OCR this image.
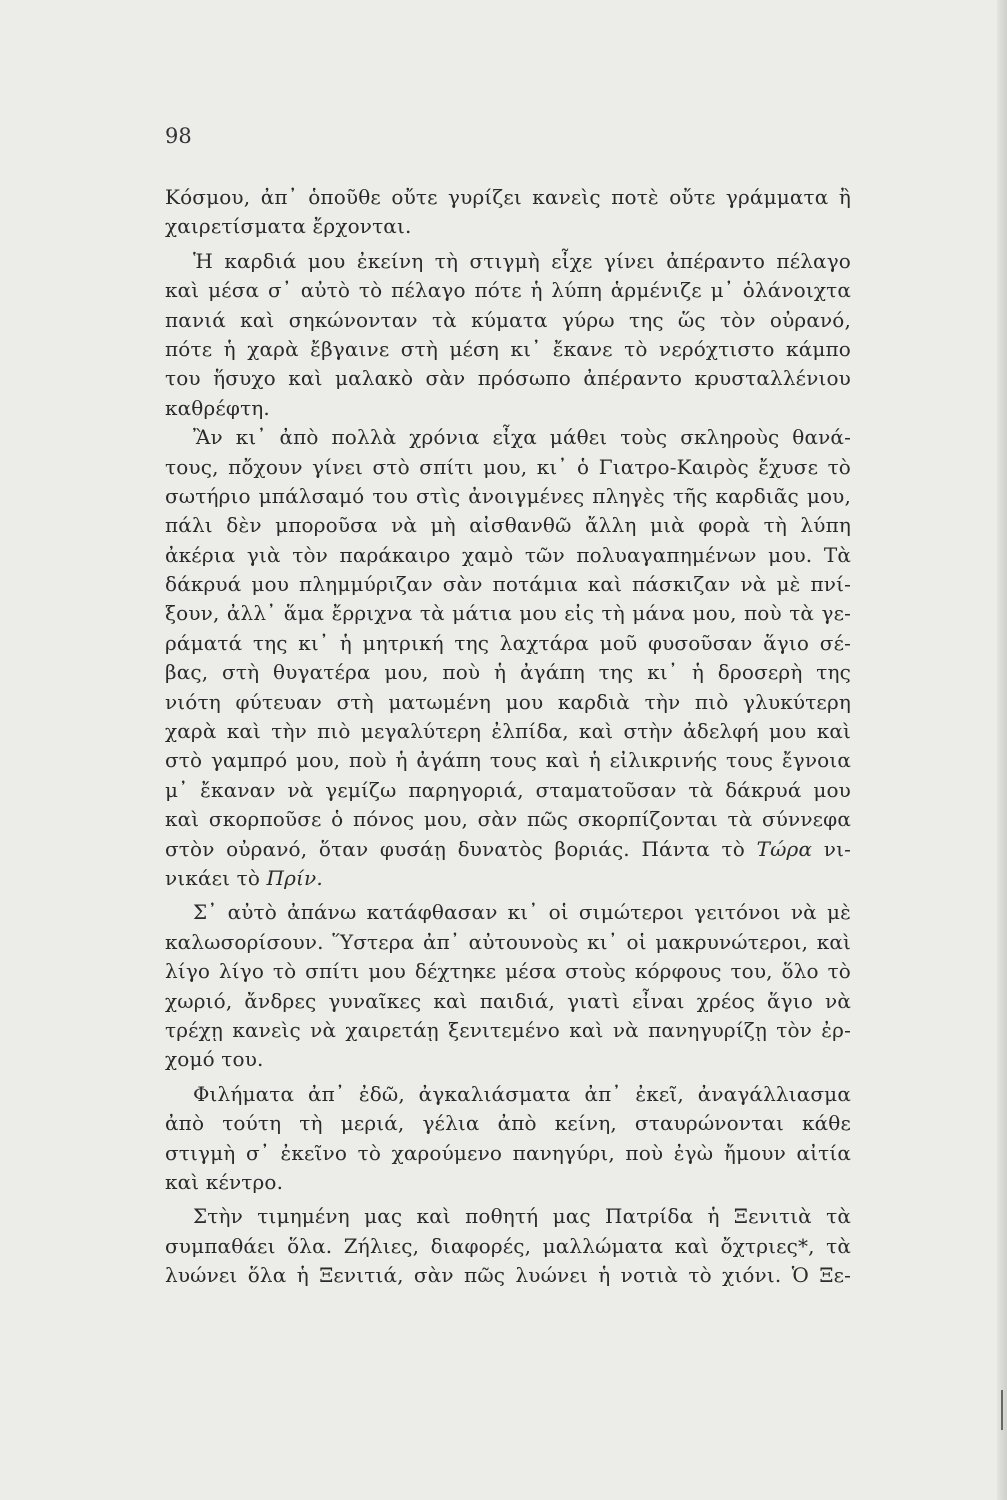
98
Κόσμου, ἀπ᾽ ὁποῦθε οὔτε γυρίζει κανεὶς ποτὲ οὔτε γράμματα ἢ
χαιρετίσματα ἔρχονται.
Ἡ καρδιά μου ἐκείνη τὴ στιγμὴ εἶχε γίνει ἀπέραντο πέλαγο
καὶ μέσα σ᾽ αὐτὸ τὸ πέλαγο πότε ἡ λύπη ἁρμένιζε μ᾽ ὁλάνοιχτα
πανιά καὶ σηκώνονταν τὰ κύματα γύρω της ὥς τὸν οὐρανό,
πότε ἡ χαρὰ ἔβγαινε στὴ μέση κι᾽ ἔκανε τὸ νερόχτιστο κάμπο
του ἥσυχο καὶ μαλακὸ σὰν πρόσωπο ἀπέραντο κρυσταλλένιου
καθρέφτη.
Ἂν κι᾽ ἀπὸ πολλὰ χρόνια εἶχα μάθει τοὺς σκληροὺς θανά-
τους, πὄχουν γίνει στὸ σπίτι μου, κι᾽ ὁ Γιατρο-Καιρὸς ἔχυσε τὸ
σωτήριο μπάλσαμό του στὶς ἀνοιγμένες πληγὲς τῆς καρδιᾶς μου,
πάλι δὲν μποροῦσα νὰ μὴ αἰσθανθῶ ἄλλη μιὰ φορὰ τὴ λύπη
ἀκέρια γιὰ τὸν παράκαιρο χαμὸ τῶν πολυαγαπημένων μου. Τὰ
δάκρυά μου πλημμύριζαν σὰν ποτάμια καὶ πάσκιζαν νὰ μὲ πνί-
ξουν, ἀλλ᾽ ἅμα ἔρριχνα τὰ μάτια μου εἰς τὴ μάνα μου, ποὺ τὰ γε-
ράματά της κι᾽ ἡ μητρική της λαχτάρα μοῦ φυσοῦσαν ἅγιο σέ-
βας, στὴ θυγατέρα μου, ποὺ ἡ ἀγάπη της κι᾽ ἡ δροσερὴ της
νιότη φύτευαν στὴ ματωμένη μου καρδιὰ τὴν πιὸ γλυκύτερη
χαρὰ καὶ τὴν πιὸ μεγαλύτερη ἐλπίδα, καὶ στὴν ἀδελφή μου καὶ
στὸ γαμπρό μου, ποὺ ἡ ἀγάπη τους καὶ ἡ εἰλικρινής τους ἔγνοια
μ᾽ ἔκαναν νὰ γεμίζω παρηγοριά, σταματοῦσαν τὰ δάκρυά μου
καὶ σκορποῦσε ὁ πόνος μου, σὰν πῶς σκορπίζονται τὰ σύννεφα
στὸν οὐρανό, ὅταν φυσάῃ δυνατὸς βοριάς. Πάντα τὸ Τώρα νι-
νικάει τὸ Πρίν.
Σ᾽ αὐτὸ ἀπάνω κατάφθασαν κι᾽ οἱ σιμώτεροι γειτόνοι νὰ μὲ
καλωσορίσουν. Ὕστερα ἀπ᾽ αὐτουνοὺς κι᾽ οἱ μακρυνώτεροι, καὶ
λίγο λίγο τὸ σπίτι μου δέχτηκε μέσα στοὺς κόρφους του, ὅλο τὸ
χωριό, ἄνδρες γυναῖκες καὶ παιδιά, γιατὶ εἶναι χρέος ἅγιο νὰ
τρέχῃ κανεὶς νὰ χαιρετάῃ ξενιτεμένο καὶ νὰ πανηγυρίζῃ τὸν ἐρ-
χομό του.
Φιλήματα ἀπ᾽ ἐδῶ, ἀγκαλιάσματα ἀπ᾽ ἐκεῖ, ἀναγάλλιασμα
ἀπὸ τούτη τὴ μεριά, γέλια ἀπὸ κείνη, σταυρώνονται κάθε
στιγμὴ σ᾽ ἐκεῖνο τὸ χαρούμενο πανηγύρι, ποὺ ἐγὼ ἤμουν αἰτία
καὶ κέντρο.
Στὴν τιμημένη μας καὶ ποθητή μας Πατρίδα ἡ Ξενιτιὰ τὰ
συμπαθάει ὅλα. Ζήλιες, διαφορές, μαλλώματα καὶ ὄχτριες*, τὰ
λυώνει ὅλα ἡ Ξενιτιά, σὰν πῶς λυώνει ἡ νοτιὰ τὸ χιόνι. Ὁ Ξε-
